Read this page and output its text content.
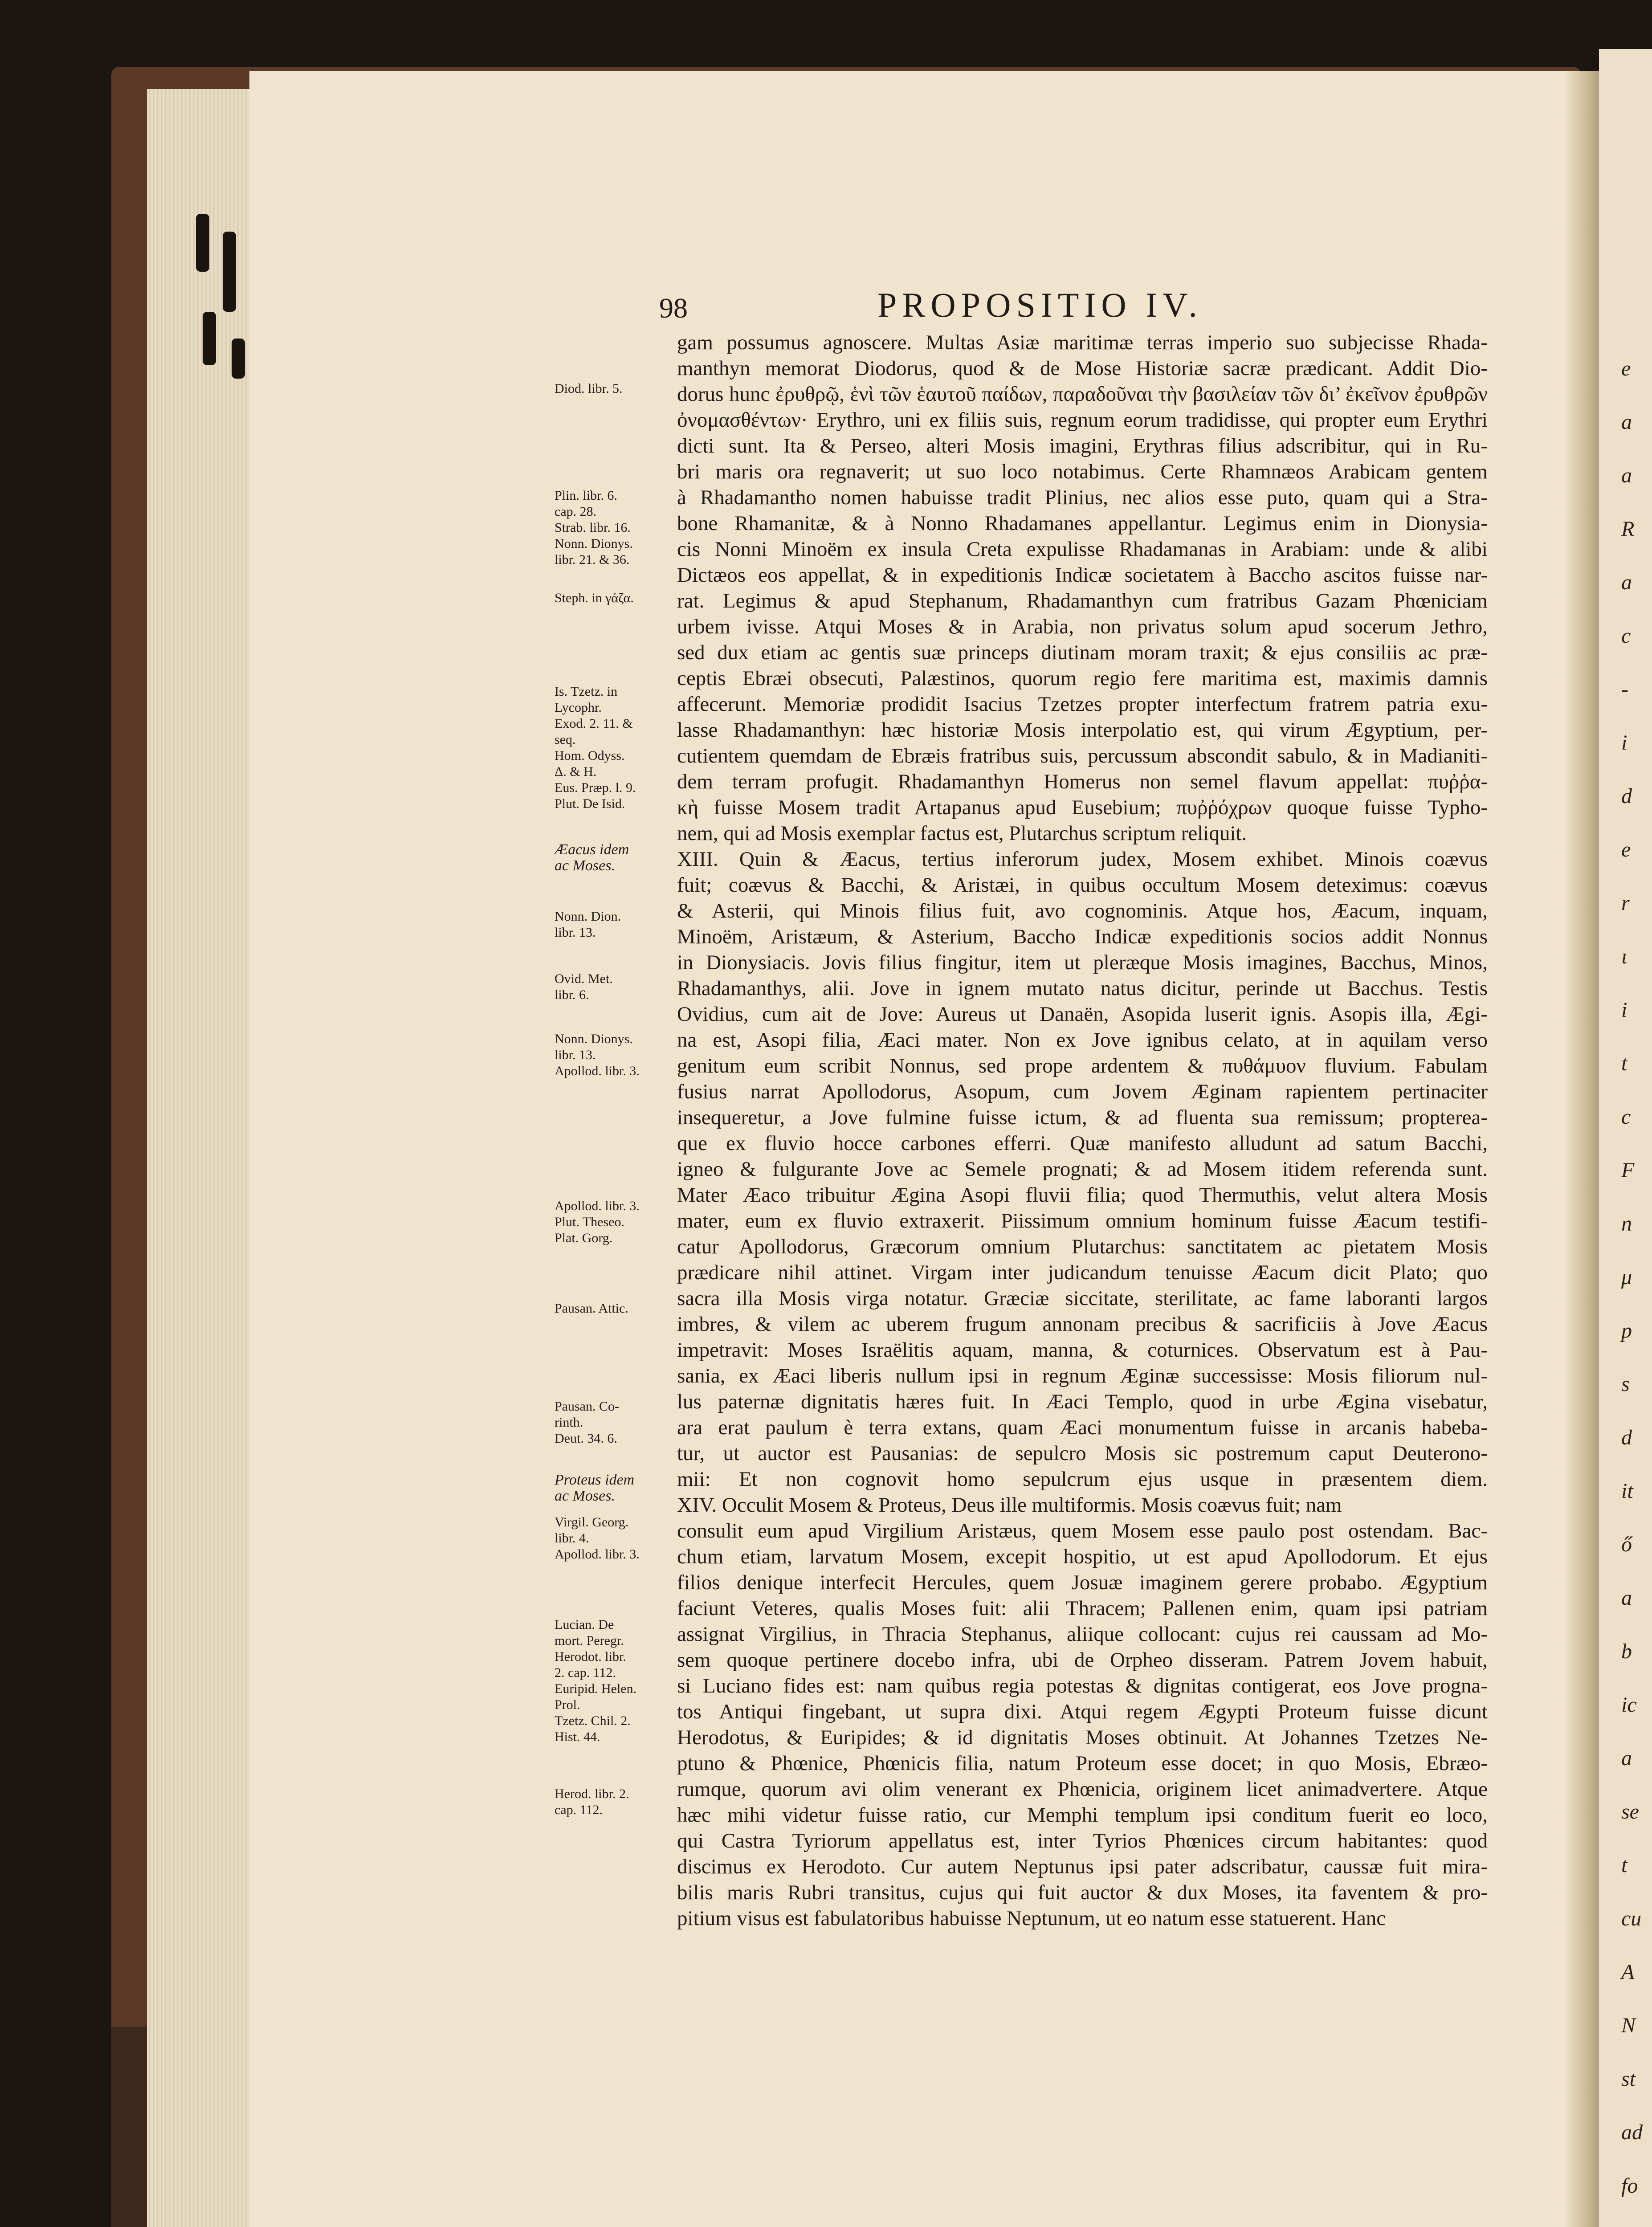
98	PROPOSITIO IV.
gam possumus agnoscere. Multas Asiæ maritimæ terras imperio suo subjecisse Rhada-
manthyn memorat Diodorus, quod & de Mose Historiæ sacræ prædicant. Addit Dio-
dorus hunc ἐρυθρῷ, ἑνὶ τῶν ἑαυτοῦ παίδων, παραδοῦναι τὴν βασιλείαν τῶν δι’ ἐκεῖνον ἐρυθρῶν
ὀνομασθέντων· Erythro, uni ex filiis suis, regnum eorum tradidisse, qui propter eum Erythri
dicti sunt. Ita & Perseo, alteri Mosis imagini, Erythras filius adscribitur, qui in Ru-
bri maris ora regnaverit; ut suo loco notabimus. Certe Rhamnæos Arabicam gentem
à Rhadamantho nomen habuisse tradit Plinius, nec alios esse puto, quam qui a Stra-
bone Rhamanitæ, & à Nonno Rhadamanes appellantur. Legimus enim in Dionysia-
cis Nonni Minoëm ex insula Creta expulisse Rhadamanas in Arabiam: unde & alibi
Dictæos eos appellat, & in expeditionis Indicæ societatem à Baccho ascitos fuisse nar-
rat. Legimus & apud Stephanum, Rhadamanthyn cum fratribus Gazam Phœniciam
urbem ivisse. Atqui Moses & in Arabia, non privatus solum apud socerum Jethro,
sed dux etiam ac gentis suæ princeps diutinam moram traxit; & ejus consiliis ac præ-
ceptis Ebræi obsecuti, Palæstinos, quorum regio fere maritima est, maximis damnis
affecerunt. Memoriæ prodidit Isacius Tzetzes propter interfectum fratrem patria exu-
lasse Rhadamanthyn: hæc historiæ Mosis interpolatio est, qui virum Ægyptium, per-
cutientem quemdam de Ebræis fratribus suis, percussum abscondit sabulo, & in Madianiti-
dem terram profugit. Rhadamanthyn Homerus non semel flavum appellat: πυῤῥα-
κὴ fuisse Mosem tradit Artapanus apud Eusebium; πυῤῥόχρων quoque fuisse Typho-
nem, qui ad Mosis exemplar factus est, Plutarchus scriptum reliquit.
XIII. Quin & Æacus, tertius inferorum judex, Mosem exhibet. Minois coævus
fuit; coævus & Bacchi, & Aristæi, in quibus occultum Mosem deteximus: coævus
& Asterii, qui Minois filius fuit, avo cognominis. Atque hos, Æacum, inquam,
Minoëm, Aristæum, & Asterium, Baccho Indicæ expeditionis socios addit Nonnus
in Dionysiacis. Jovis filius fingitur, item ut pleræque Mosis imagines, Bacchus, Minos,
Rhadamanthys, alii. Jove in ignem mutato natus dicitur, perinde ut Bacchus. Testis
Ovidius, cum ait de Jove: Aureus ut Danaën, Asopida luserit ignis. Asopis illa, Ægi-
na est, Asopi filia, Æaci mater. Non ex Jove ignibus celato, at in aquilam verso
genitum eum scribit Nonnus, sed prope ardentem & πυθάμυον fluvium. Fabulam
fusius narrat Apollodorus, Asopum, cum Jovem Æginam rapientem pertinaciter
insequeretur, a Jove fulmine fuisse ictum, & ad fluenta sua remissum; propterea-
que ex fluvio hocce carbones efferri. Quæ manifesto alludunt ad satum Bacchi,
igneo & fulgurante Jove ac Semele prognati; & ad Mosem itidem referenda sunt.
Mater Æaco tribuitur Ægina Asopi fluvii filia; quod Thermuthis, velut altera Mosis
mater, eum ex fluvio extraxerit. Piissimum omnium hominum fuisse Æacum testifi-
catur Apollodorus, Græcorum omnium Plutarchus: sanctitatem ac pietatem Mosis
prædicare nihil attinet. Virgam inter judicandum tenuisse Æacum dicit Plato; quo
sacra illa Mosis virga notatur. Græciæ siccitate, sterilitate, ac fame laboranti largos
imbres, & vilem ac uberem frugum annonam precibus & sacrificiis à Jove Æacus
impetravit: Moses Israëlitis aquam, manna, & coturnices. Observatum est à Pau-
sania, ex Æaci liberis nullum ipsi in regnum Æginæ successisse: Mosis filiorum nul-
lus paternæ dignitatis hæres fuit. In Æaci Templo, quod in urbe Ægina visebatur,
ara erat paulum è terra extans, quam Æaci monumentum fuisse in arcanis habeba-
tur, ut auctor est Pausanias: de sepulcro Mosis sic postremum caput Deuterono-
mii: Et non cognovit homo sepulcrum ejus usque in præsentem diem.
XIV. Occulit Mosem & Proteus, Deus ille multiformis. Mosis coævus fuit; nam
consulit eum apud Virgilium Aristæus, quem Mosem esse paulo post ostendam. Bac-
chum etiam, larvatum Mosem, excepit hospitio, ut est apud Apollodorum. Et ejus
filios denique interfecit Hercules, quem Josuæ imaginem gerere probabo. Ægyptium
faciunt Veteres, qualis Moses fuit: alii Thracem; Pallenen enim, quam ipsi patriam
assignat Virgilius, in Thracia Stephanus, aliique collocant: cujus rei caussam ad Mo-
sem quoque pertinere docebo infra, ubi de Orpheo disseram. Patrem Jovem habuit,
si Luciano fides est: nam quibus regia potestas & dignitas contigerat, eos Jove progna-
tos Antiqui fingebant, ut supra dixi. Atqui regem Ægypti Proteum fuisse dicunt
Herodotus, & Euripides; & id dignitatis Moses obtinuit. At Johannes Tzetzes Ne-
ptuno & Phœnice, Phœnicis filia, natum Proteum esse docet; in quo Mosis, Ebræo-
rumque, quorum avi olim venerant ex Phœnicia, originem licet animadvertere. Atque
hæc mihi videtur fuisse ratio, cur Memphi templum ipsi conditum fuerit eo loco,
qui Castra Tyriorum appellatus est, inter Tyrios Phœnices circum habitantes: quod
discimus ex Herodoto. Cur autem Neptunus ipsi pater adscribatur, caussæ fuit mira-
bilis maris Rubri transitus, cujus qui fuit auctor & dux Moses, ita faventem & pro-
pitium visus est fabulatoribus habuisse Neptunum, ut eo natum esse statuerent. Hanc
Diod. libr. 5.
Plin. libr. 6.
cap. 28.
Strab. libr. 16.
Nonn. Dionys.
libr. 21. & 36.
Steph. in γάζα.
Is. Tzetz. in
Lycophr.
Exod. 2. 11. &
seq.
Hom. Odyss.
Δ. & Η.
Eus. Præp. l. 9.
Plut. De Isid.
Æacus idem
ac Moses.
Nonn. Dion.
libr. 13.
Ovid. Met.
libr. 6.
Nonn. Dionys.
libr. 13.
Apollod. libr. 3.
Apollod. libr. 3.
Plut. Theseo.
Plat. Gorg.
Pausan. Attic.
Pausan. Co-
rinth.
Deut. 34. 6.
Proteus idem
ac Moses.
Virgil. Georg.
libr. 4.
Apollod. libr. 3.
Lucian. De
mort. Peregr.
Herodot. libr.
2. cap. 112.
Euripid. Helen.
Prol.
Tzetz. Chil. 2.
Hist. 44.
Herod. libr. 2.
cap. 112.
e
a
a
R
a
c
-
i
d
e
r
ι
i
t
c
F
n
μ
p
s
d
it
ő
a
b
ic
a
se
t
cu
A
N
st
ad
fo
